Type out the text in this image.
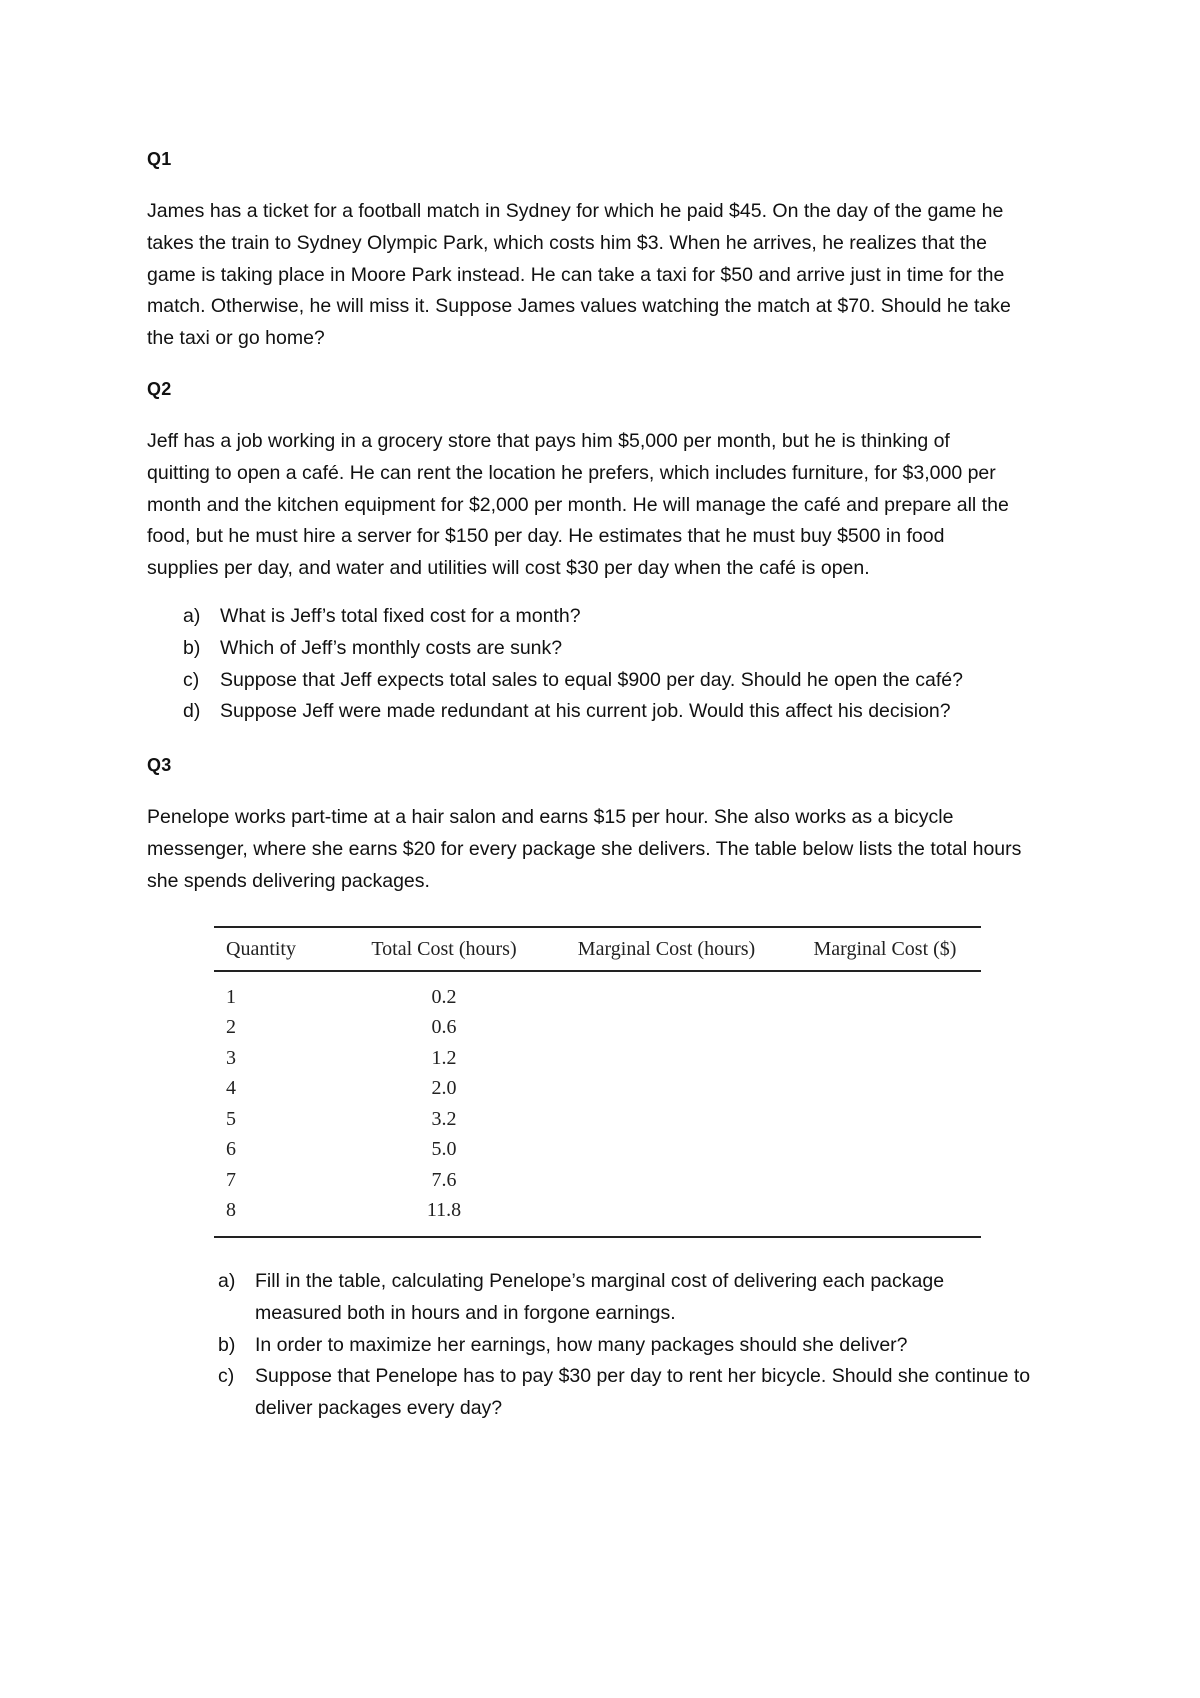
Q1

James has a ticket for a football match in Sydney for which he paid $45. On the day of the game he
takes the train to Sydney Olympic Park, which costs him $3. When he arrives, he realizes that the
game is taking place in Moore Park instead. He can take a taxi for $50 and arrive just in time for the
match. Otherwise, he will miss it. Suppose James values watching the match at $70. Should he take
the taxi or go home?

Q2

Jeff has a job working in a grocery store that pays him $5,000 per month, but he is thinking of
quitting to open a café. He can rent the location he prefers, which includes furniture, for $3,000 per
month and the kitchen equipment for $2,000 per month. He will manage the café and prepare all the
food, but he must hire a server for $150 per day. He estimates that he must buy $500 in food
supplies per day, and water and utilities will cost $30 per day when the café is open.

a) What is Jeff’s total fixed cost for a month?
b) Which of Jeff’s monthly costs are sunk?
c) Suppose that Jeff expects total sales to equal $900 per day. Should he open the café?
d) Suppose Jeff were made redundant at his current job. Would this affect his decision?
Q3

Penelope works part-time at a hair salon and earns $15 per hour. She also works as a bicycle
messenger, where she earns $20 for every package she delivers. The table below lists the total hours
she spends delivering packages.

Quantity	Total Cost (hours)	Marginal Cost (hours)	Marginal Cost ($)
1	0.2		
2	0.6		
3	1.2		
4	2.0		
5	3.2		
6	5.0		
7	7.6		
8	11.8		
a) Fill in the table, calculating Penelope’s marginal cost of delivering each package
measured both in hours and in forgone earnings.
b) In order to maximize her earnings, how many packages should she deliver?
c) Suppose that Penelope has to pay $30 per day to rent her bicycle. Should she continue to
deliver packages every day?
